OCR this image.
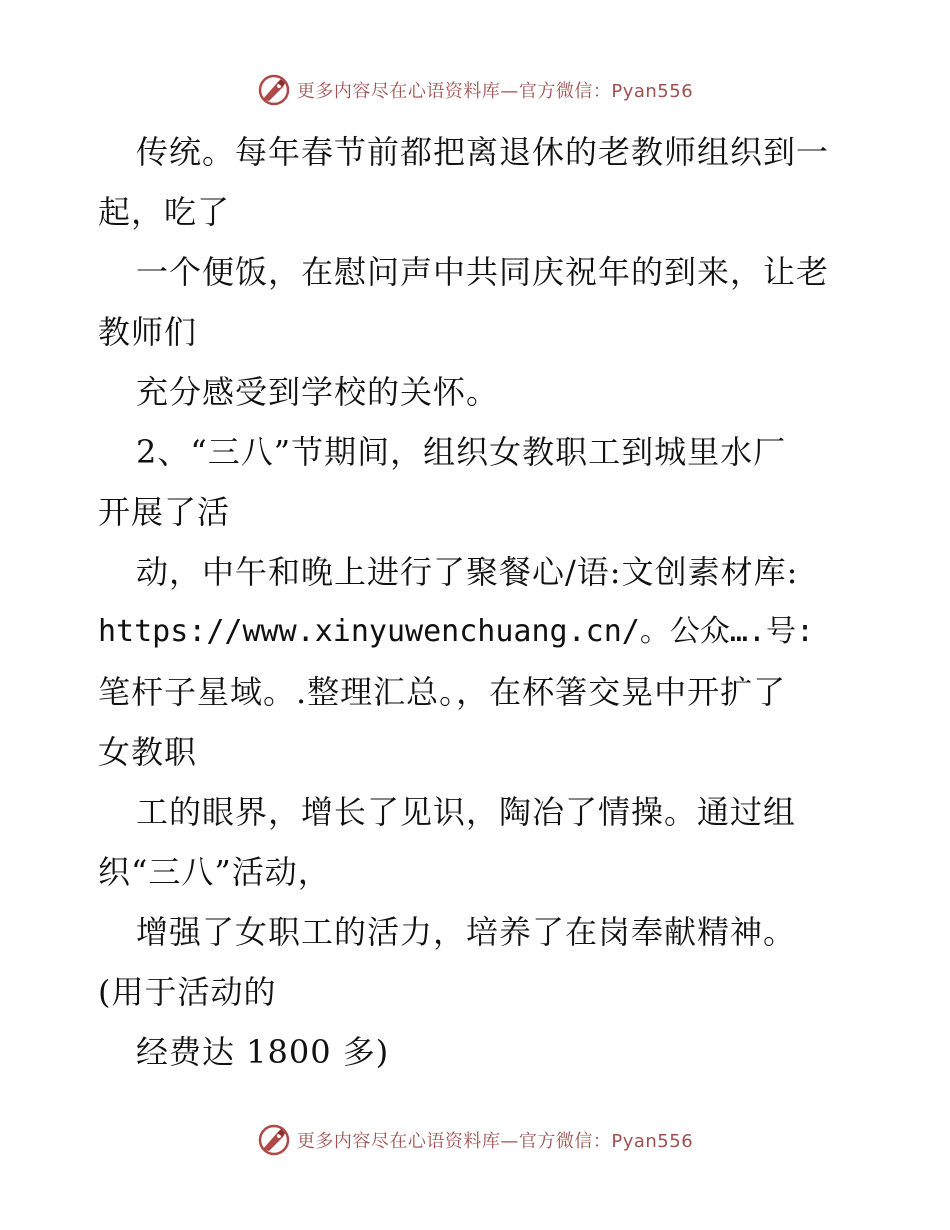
更多内容尽在心语资料库—官方微信：Pyan556
传统。每年春节前都把离退休的老教师组织到一
起，吃了
一个便饭，在慰问声中共同庆祝年的到来，让老
教师们
充分感受到学校的关怀。
2、“三八”节期间，组织女教职工到城里水厂
开展了活
动，中午和晚上进行了聚餐心/语:文创素材库:
https://www.xinyuwenchuang.cn/。公众….号:
笔杆子星域。.整理汇总。，在杯箸交晃中开扩了
女教职
工的眼界，增长了见识，陶冶了情操。通过组
织“三八”活动，
增强了女职工的活力，培养了在岗奉献精神。
(用于活动的
经费达 1800 多)
更多内容尽在心语资料库—官方微信：Pyan556
